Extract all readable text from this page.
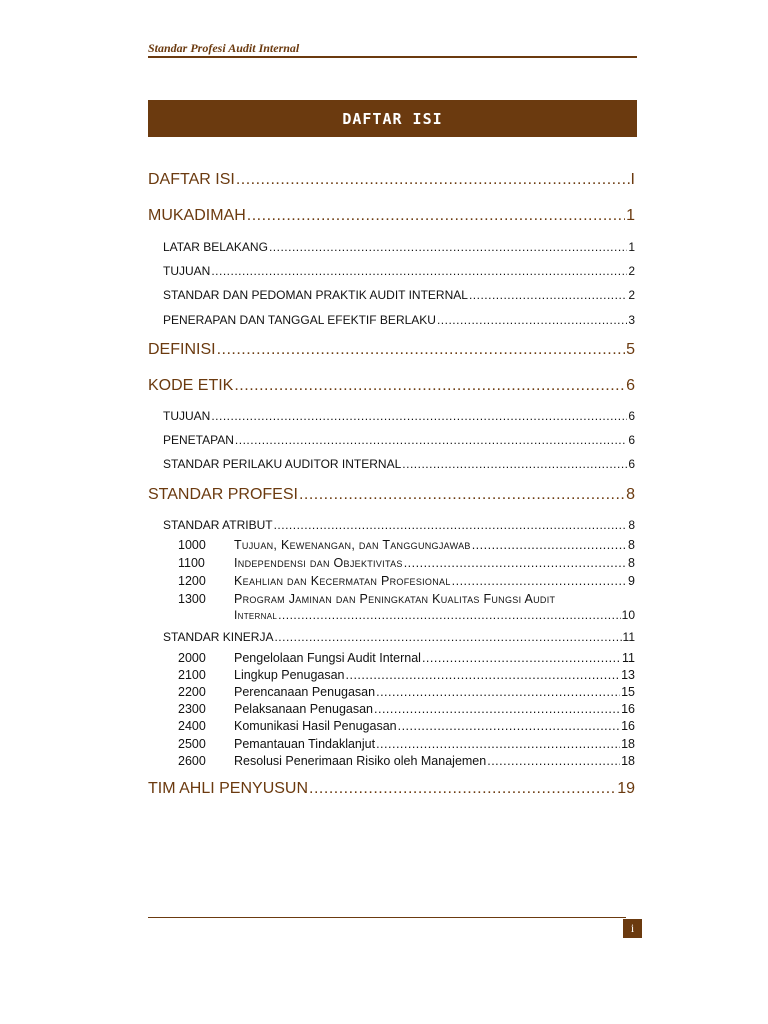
Standar Profesi Audit Internal
DAFTAR ISI
DAFTAR ISI .....	I
MUKADIMAH .....	1
LATAR BELAKANG .....	1
TUJUAN .....	2
STANDAR DAN PEDOMAN PRAKTIK AUDIT INTERNAL .....	2
PENERAPAN DAN TANGGAL EFEKTIF BERLAKU .....	3
DEFINISI .....	5
KODE ETIK .....	6
TUJUAN .....	6
PENETAPAN .....	6
STANDAR PERILAKU AUDITOR INTERNAL .....	6
STANDAR PROFESI .....	8
STANDAR ATRIBUT .....	8
1000	Tujuan, Kewenangan, dan Tanggungjawab .....	8
1100	Independensi dan Objektivitas .....	8
1200	Keahlian dan Kecermatan Profesional .....	9
1300	Program Jaminan dan Peningkatan Kualitas Fungsi Audit
Internal .....	10
STANDAR KINERJA .....	11
2000	Pengelolaan Fungsi Audit Internal .....	11
2100	Lingkup Penugasan .....	13
2200	Perencanaan Penugasan .....	15
2300	Pelaksanaan Penugasan .....	16
2400	Komunikasi Hasil Penugasan .....	16
2500	Pemantauan Tindaklanjut .....	18
2600	Resolusi Penerimaan Risiko oleh Manajemen .....	18
TIM AHLI PENYUSUN .....	19
i
